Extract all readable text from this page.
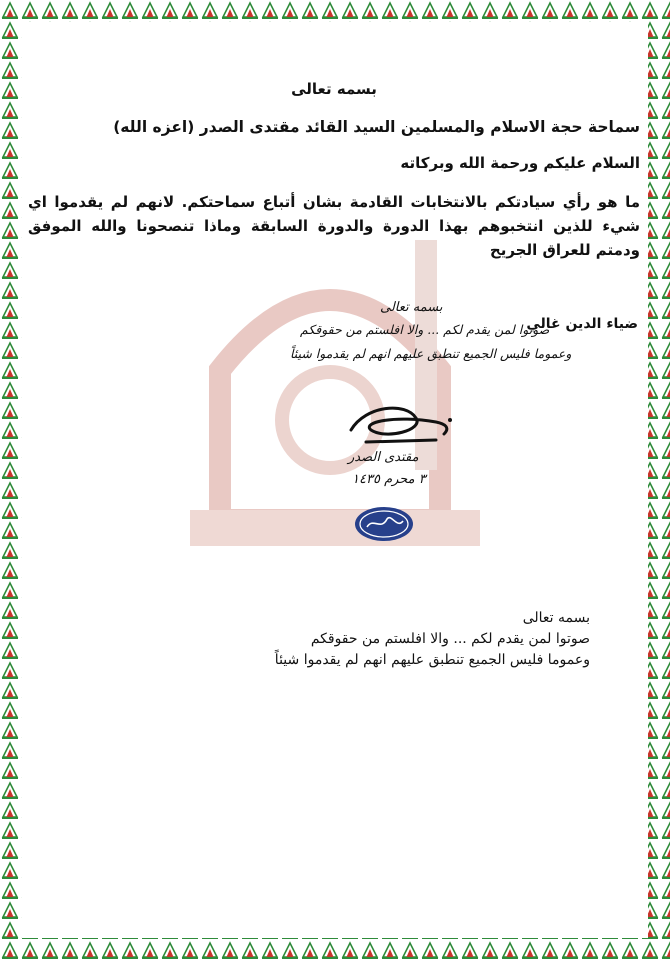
بسمه تعالى

سماحة حجة الاسلام والمسلمين السيد القائد مقتدى الصدر (اعزه الله)

السلام عليكم ورحمة الله وبركاته

ما هو رأي سيادتكم بالانتخابات القادمة بشان أتباع سماحتكم. لانهم لم يقدموا اي شيء للذين انتخبوهم بهذا الدورة والدورة السابقة وماذا تنصحونا والله الموفق ودمتم للعراق الجريح

ضياء الدين غالي
بسمه تعالى
صوتوا لمن يقدم لكم ... والا افلستم من حقوقكم
وعموما فليس الجميع تنطبق عليهم انهم لم يقدموا شيئاً
مقتدى الصدر
٣ محرم ١٤٣٥
بسمه تعالى
صوتوا لمن يقدم لكم ... والا افلستم من حقوقكم
وعموما فليس الجميع تنطبق عليهم انهم لم يقدموا شيئاً
